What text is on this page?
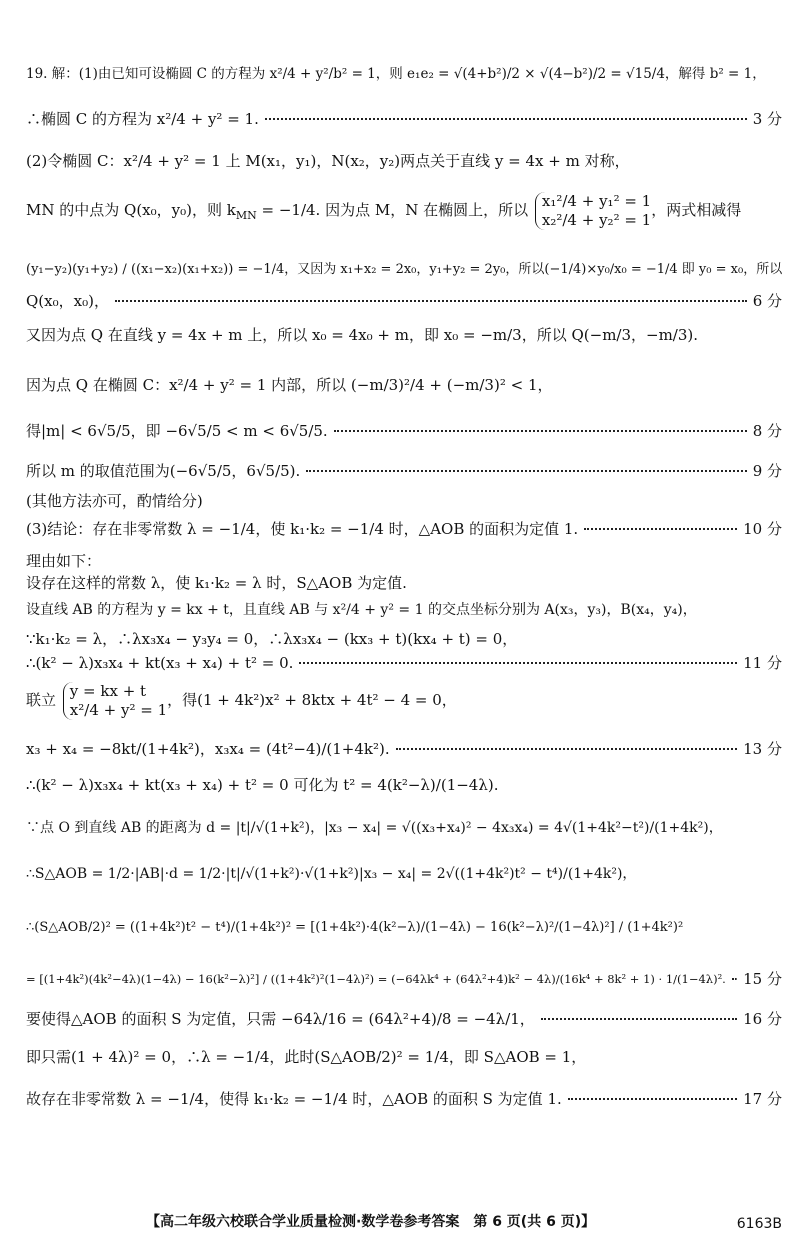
19. 解：(1)由已知可设椭圆 C 的方程为 x²/4 + y²/b² = 1，则 e₁e₂ = √(4+b²)/2 × √(4−b²)/2 = √15/4，解得 b² = 1，
∴椭圆 C 的方程为 x²/4 + y² = 1.	3 分
(2)令椭圆 C：x²/4 + y² = 1 上 M(x₁，y₁)，N(x₂，y₂)两点关于直线 y = 4x + m 对称，
MN 的中点为 Q(x₀，y₀)，则 $k_{MN} = -1/4$. 因为点 M，N 在椭圆上，所以 x₁²/4 + y₁² = 1
x₂²/4 + y₂² = 1
，两式相减得
(y₁−y₂)(y₁+y₂) / ((x₁−x₂)(x₁+x₂)) = −1/4，又因为 x₁+x₂ = 2x₀，y₁+y₂ = 2y₀，所以(−1/4)×y₀/x₀ = −1/4 即 y₀ = x₀，所以
Q(x₀，x₀)，	6 分
又因为点 Q 在直线 y = 4x + m 上，所以 x₀ = 4x₀ + m，即 x₀ = −m/3，所以 Q(−m/3，−m/3).
因为点 Q 在椭圆 C：x²/4 + y² = 1 内部，所以 (−m/3)²/4 + (−m/3)² < 1，
得|m| < 6√5/5，即 −6√5/5 < m < 6√5/5.	8 分
所以 m 的取值范围为(−6√5/5，6√5/5).	9 分
(其他方法亦可，酌情给分)
(3)结论：存在非零常数 λ = −1/4，使 k₁·k₂ = −1/4 时，△AOB 的面积为定值 1.	10 分
理由如下：
设存在这样的常数 λ，使 k₁·k₂ = λ 时，S△AOB 为定值.
设直线 AB 的方程为 y = kx + t，且直线 AB 与 x²/4 + y² = 1 的交点坐标分别为 A(x₃，y₃)，B(x₄，y₄)，
∵k₁·k₂ = λ，∴λx₃x₄ − y₃y₄ = 0，∴λx₃x₄ − (kx₃ + t)(kx₄ + t) = 0，
∴(k² − λ)x₃x₄ + kt(x₃ + x₄) + t² = 0.	11 分
联立 y = kx + t
x²/4 + y² = 1
，得(1 + 4k²)x² + 8ktx + 4t² − 4 = 0，
x₃ + x₄ = −8kt/(1+4k²)，x₃x₄ = (4t²−4)/(1+4k²).	13 分
∴(k² − λ)x₃x₄ + kt(x₃ + x₄) + t² = 0 可化为 t² = 4(k²−λ)/(1−4λ).
∵点 O 到直线 AB 的距离为 d = |t|/√(1+k²)，|x₃ − x₄| = √((x₃+x₄)² − 4x₃x₄) = 4√(1+4k²−t²)/(1+4k²)，
∴S△AOB = 1/2·|AB|·d = 1/2·|t|/√(1+k²)·√(1+k²)|x₃ − x₄| = 2√((1+4k²)t² − t⁴)/(1+4k²)，
∴(S△AOB/2)² = ((1+4k²)t² − t⁴)/(1+4k²)² = [(1+4k²)·4(k²−λ)/(1−4λ) − 16(k²−λ)²/(1−4λ)²] / (1+4k²)²
= [(1+4k²)(4k²−4λ)(1−4λ) − 16(k²−λ)²] / ((1+4k²)²(1−4λ)²) = (−64λk⁴ + (64λ²+4)k² − 4λ)/(16k⁴ + 8k² + 1) · 1/(1−4λ)². 15 分
要使得△AOB 的面积 S 为定值，只需 −64λ/16 = (64λ²+4)/8 = −4λ/1，	16 分
即只需(1 + 4λ)² = 0，∴λ = −1/4，此时(S△AOB/2)² = 1/4，即 S△AOB = 1，
故存在非零常数 λ = −1/4，使得 k₁·k₂ = −1/4 时，△AOB 的面积 S 为定值 1.	17 分
【高二年级六校联合学业质量检测·数学卷参考答案　第 6 页(共 6 页)】	6163B
